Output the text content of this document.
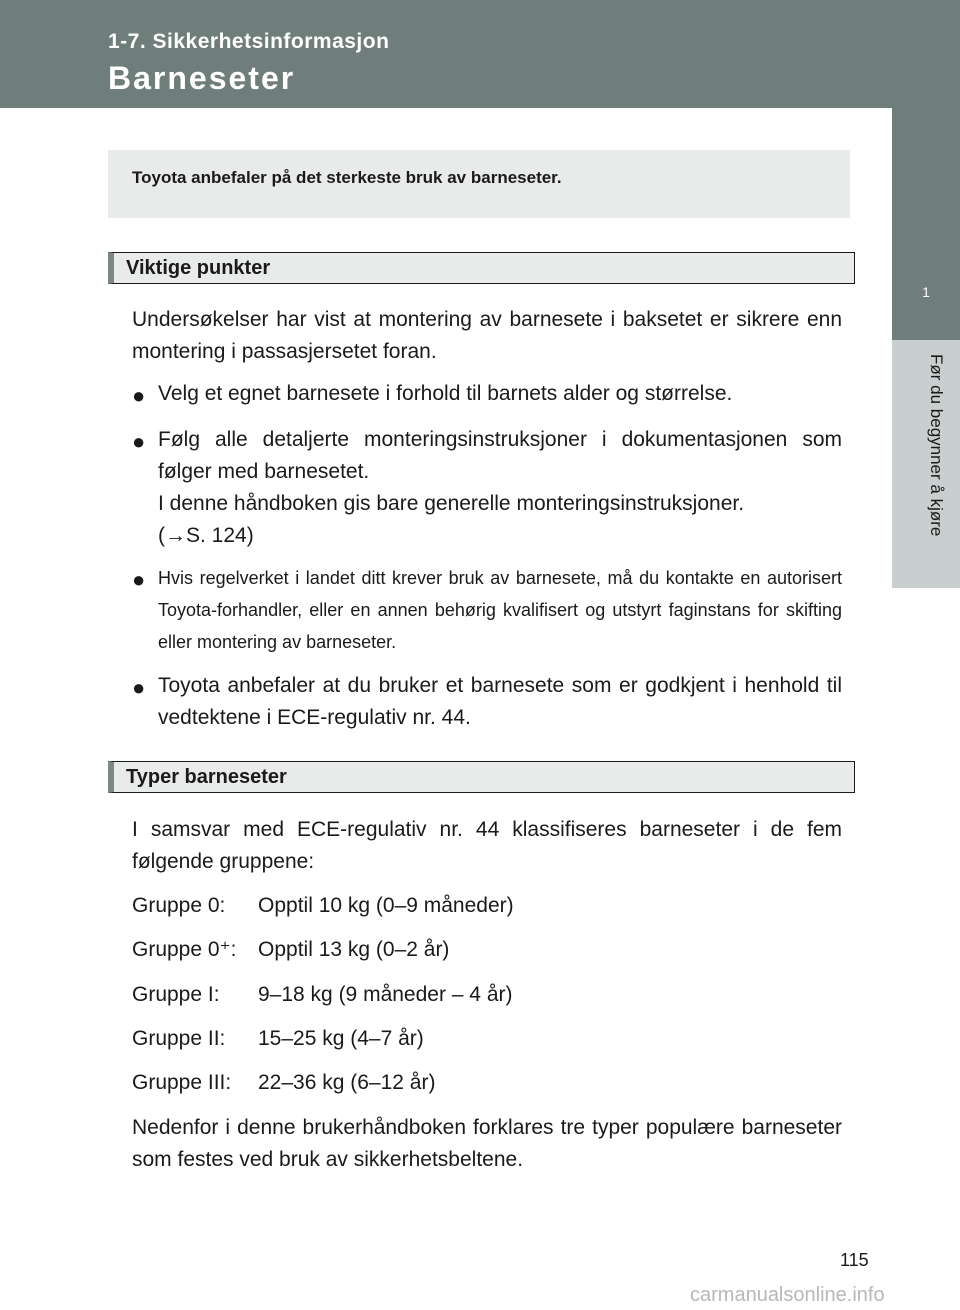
1-7. Sikkerhetsinformasjon
Barneseter
1
Før du begynner å kjøre
Toyota anbefaler på det sterkeste bruk av barneseter.
Viktige punkter

Undersøkelser har vist at montering av barnesete i baksetet er sikrere enn montering i passasjersetet foran.

● Velg et egnet barnesete i forhold til barnets alder og størrelse.

● Følg alle detaljerte monteringsinstruksjoner i dokumentasjonen som følger med barnesetet.

I denne håndboken gis bare generelle monteringsinstruksjoner.

(→S. 124)

● Hvis regelverket i landet ditt krever bruk av barnesete, må du kontakte en autorisert Toyota-forhandler, eller en annen behørig kvalifisert og utstyrt faginstans for skifting eller montering av barneseter.

● Toyota anbefaler at du bruker et barnesete som er godkjent i henhold til vedtektene i ECE-regulativ nr. 44.

Typer barneseter

I samsvar med ECE-regulativ nr. 44 klassifiseres barneseter i de fem følgende gruppene:

Gruppe 0: Opptil 10 kg (0–9 måneder)
Gruppe 0⁺: Opptil 13 kg (0–2 år)
Gruppe I: 9–18 kg (9 måneder – 4 år)
Gruppe II: 15–25 kg (4–7 år)
Gruppe III: 22–36 kg (6–12 år)

Nedenfor i denne brukerhåndboken forklares tre typer populære barneseter som festes ved bruk av sikkerhetsbeltene.

115
carmanualsonline.info
